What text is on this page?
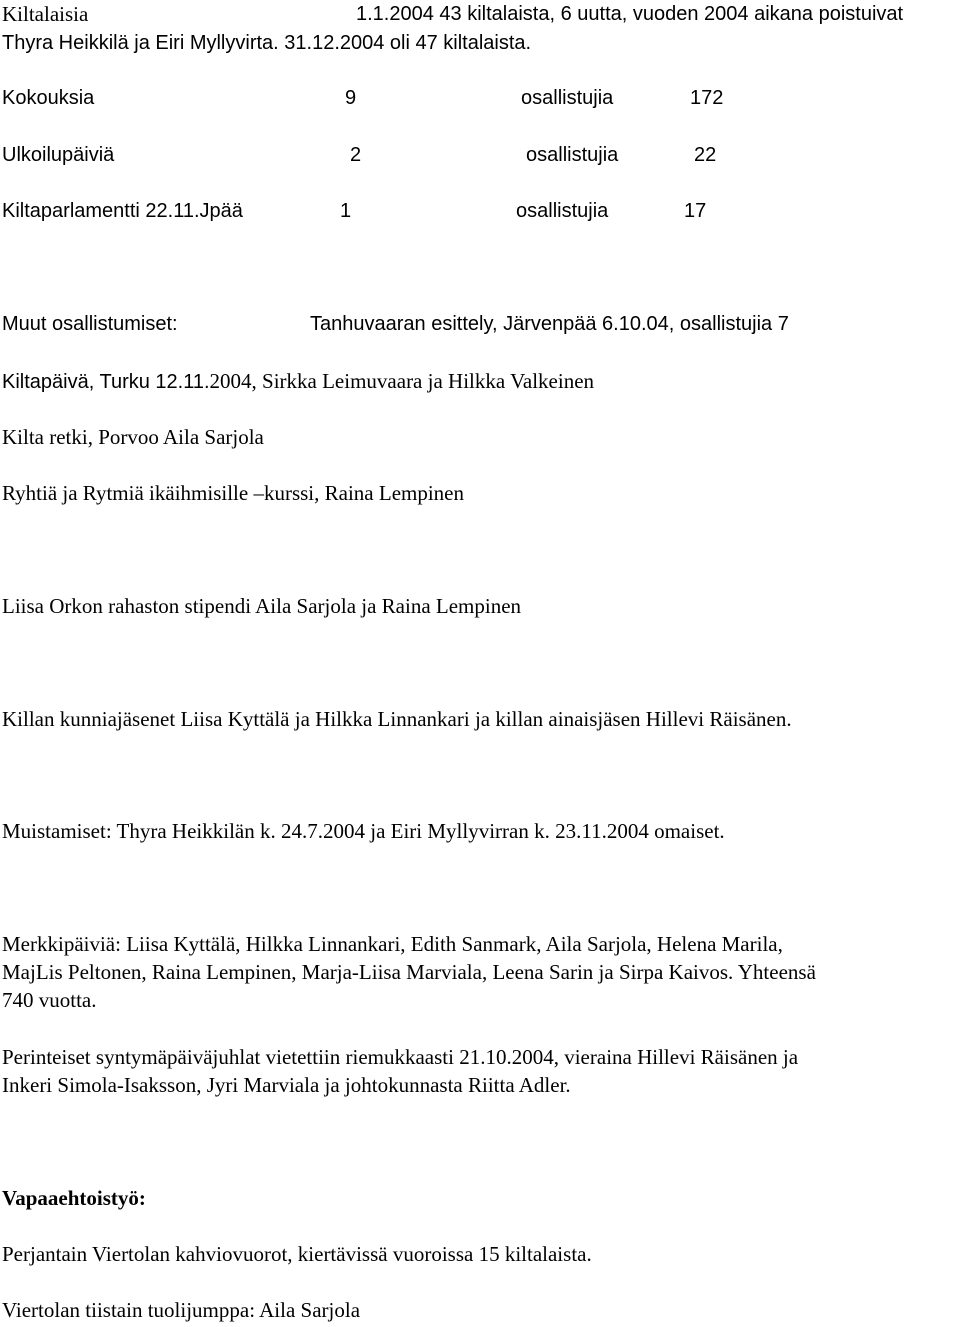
Kiltalaisia	1.1.2004 43 kiltalaista, 6 uutta, vuoden 2004 aikana poistuivat
Thyra Heikkilä ja Eiri Myllyvirta. 31.12.2004 oli 47 kiltalaista.
Kokouksia	9	osallistujia	172
Ulkoilupäiviä	2	osallistujia	22
Kiltaparlamentti 22.11.Jpää	1	osallistujia	17
Muut osallistumiset:	Tanhuvaaran esittely, Järvenpää 6.10.04, osallistujia 7
Kiltapäivä, Turku 12.11.2004, Sirkka Leimuvaara ja Hilkka Valkeinen
Kilta retki, Porvoo Aila Sarjola
Ryhtiä ja Rytmiä ikäihmisille –kurssi, Raina Lempinen
Liisa Orkon rahaston stipendi Aila Sarjola ja Raina Lempinen
Killan kunniajäsenet Liisa Kyttälä ja Hilkka Linnankari ja killan ainaisjäsen Hillevi Räisänen.
Muistamiset: Thyra Heikkilän k. 24.7.2004 ja Eiri Myllyvirran k. 23.11.2004 omaiset.
Merkkipäiviä: Liisa Kyttälä, Hilkka Linnankari, Edith Sanmark, Aila Sarjola, Helena Marila,
MajLis Peltonen, Raina Lempinen, Marja-Liisa Marviala, Leena Sarin ja Sirpa Kaivos. Yhteensä
740 vuotta.
Perinteiset syntymäpäiväjuhlat vietettiin riemukkaasti 21.10.2004, vieraina Hillevi Räisänen ja
Inkeri Simola-Isaksson, Jyri Marviala ja johtokunnasta Riitta Adler.
Vapaaehtoistyö:
Perjantain Viertolan kahviovuorot, kiertävissä vuoroissa 15 kiltalaista.
Viertolan tiistain tuolijumppa: Aila Sarjola
